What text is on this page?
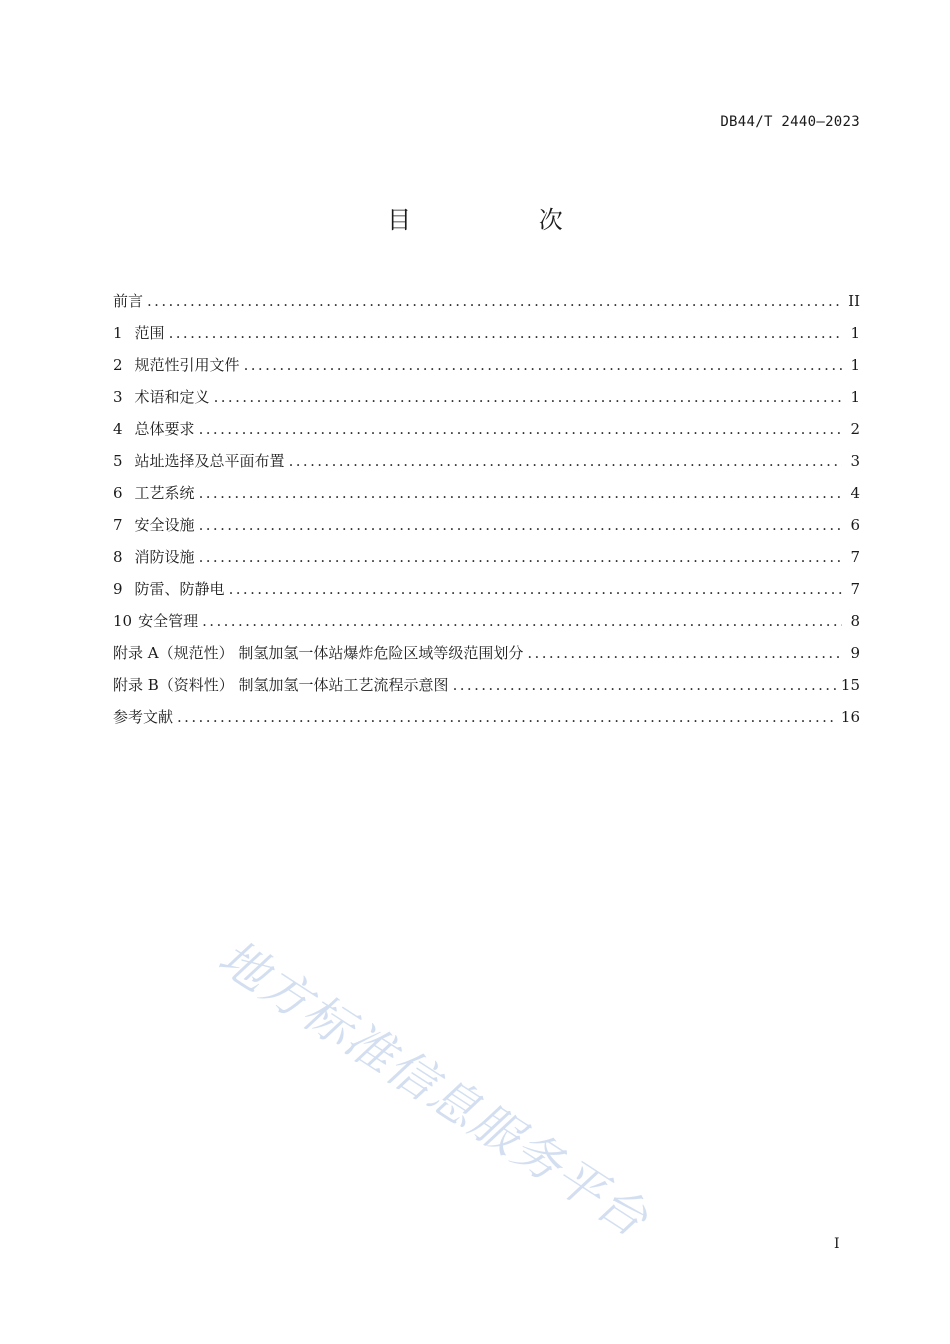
DB44/T 2440—2023
目 次
前言 .....	II
1 范围 .....	1
2 规范性引用文件 .....	1
3 术语和定义 .....	1
4 总体要求 .....	2
5 站址选择及总平面布置 .....	3
6 工艺系统 .....	4
7 安全设施 .....	6
8 消防设施 .....	7
9 防雷、防静电 .....	7
10 安全管理 .....	8
附录 A（规范性） 制氢加氢一体站爆炸危险区域等级范围划分 .....	9
附录 B（资料性） 制氢加氢一体站工艺流程示意图 .....	15
参考文献 .....	16
地方标准信息服务平台	I
